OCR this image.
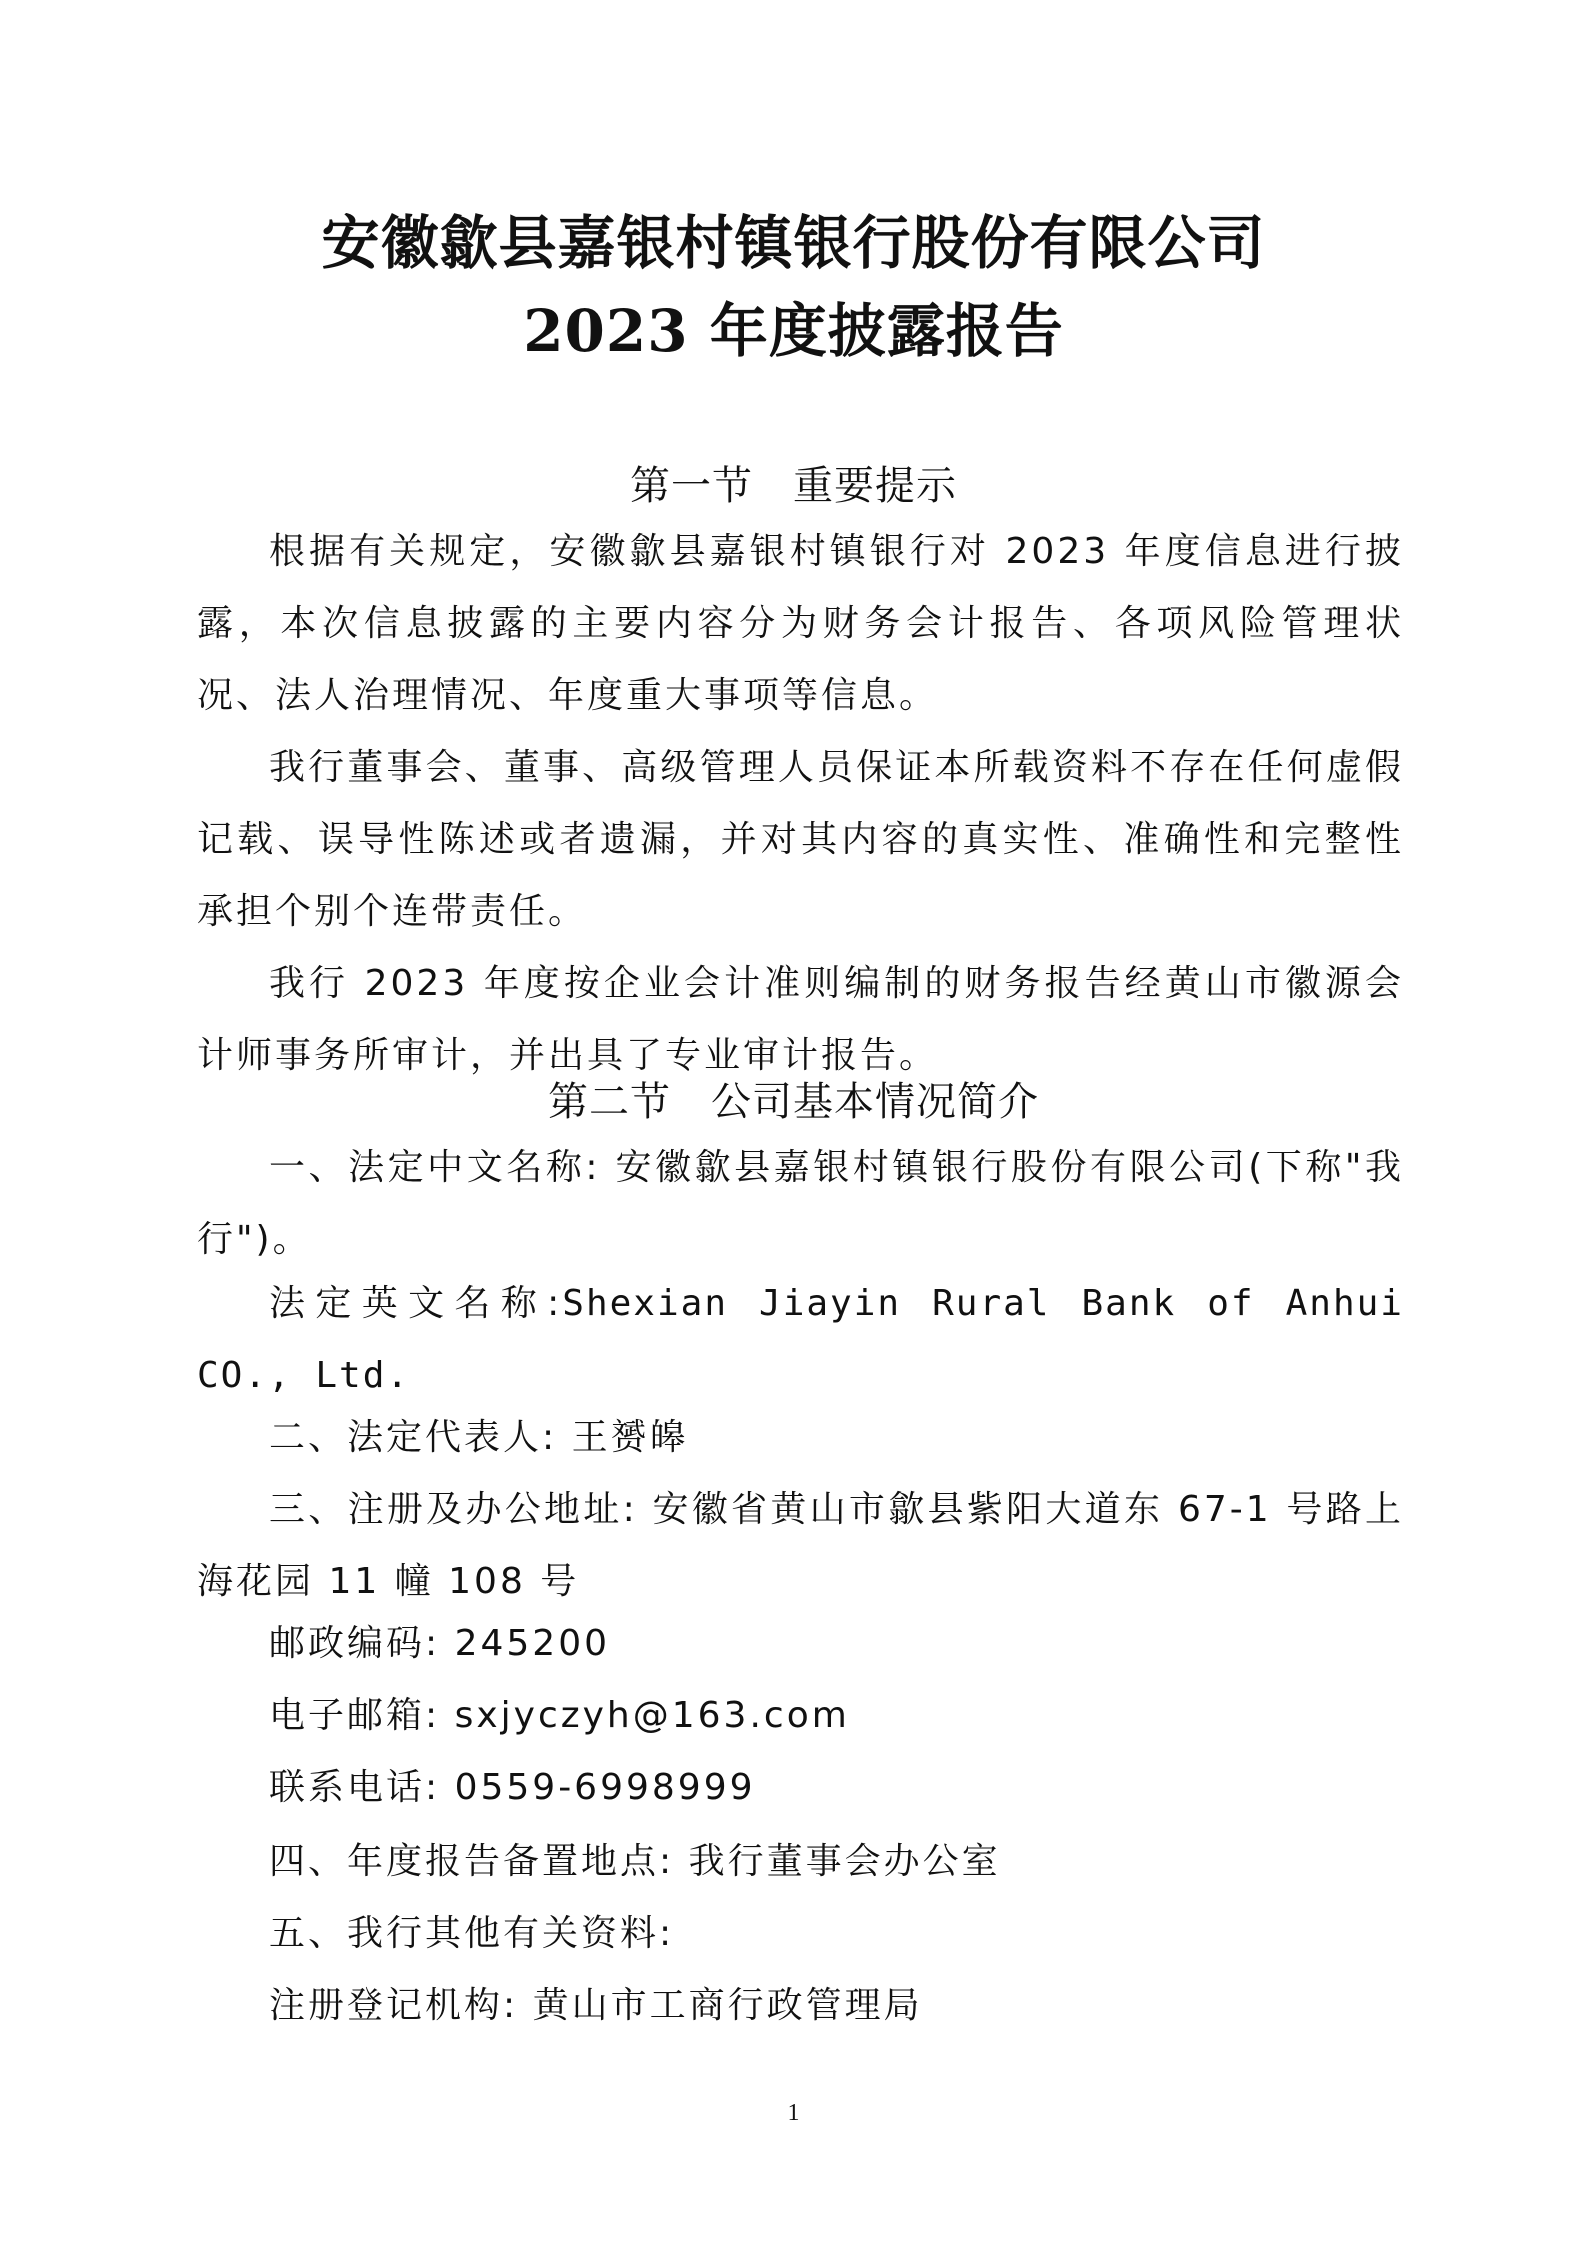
安徽歙县嘉银村镇银行股份有限公司
2023 年度披露报告
第一节 重要提示

根据有关规定，安徽歙县嘉银村镇银行对 2023 年度信息进行披露，本次信息披露的主要内容分为财务会计报告、各项风险管理状况、法人治理情况、年度重大事项等信息。

我行董事会、董事、高级管理人员保证本所载资料不存在任何虚假记载、误导性陈述或者遗漏，并对其内容的真实性、准确性和完整性承担个别个连带责任。

我行 2023 年度按企业会计准则编制的财务报告经黄山市徽源会计师事务所审计，并出具了专业审计报告。

第二节 公司基本情况简介

一、法定中文名称: 安徽歙县嘉银村镇银行股份有限公司(下称"我行")。

法定英文名称:Shexian Jiayin Rural Bank of Anhui CO., Ltd.

二、法定代表人: 王赟皞

三、注册及办公地址: 安徽省黄山市歙县紫阳大道东 67-1 号路上海花园 11 幢 108 号

邮政编码: 245200
电子邮箱: sxjyczyh@163.com
联系电话: 0559-6998999
四、年度报告备置地点: 我行董事会办公室
五、我行其他有关资料:
注册登记机构: 黄山市工商行政管理局
1
